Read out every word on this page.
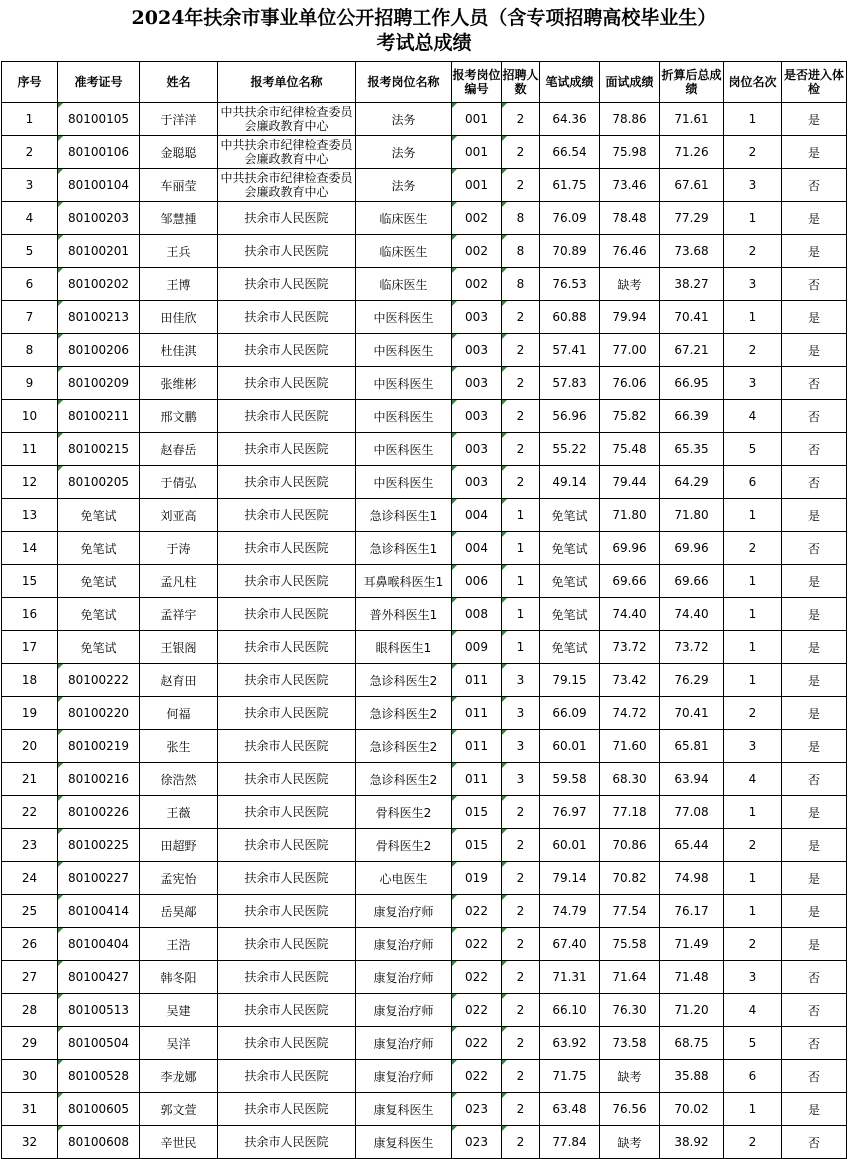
2024年扶余市事业单位公开招聘工作人员（含专项招聘高校毕业生）
考试总成绩
序号	准考证号	姓名	报考单位名称	报考岗位名称	报考岗位编号	招聘人数	笔试成绩	面试成绩	折算后总成绩	岗位名次	是否进入体检
1	80100105	于洋洋	中共扶余市纪律检查委员会廉政教育中心	法务	001	2	64.36	78.86	71.61	1	是
2	80100106	金聪聪	中共扶余市纪律检查委员会廉政教育中心	法务	001	2	66.54	75.98	71.26	2	是
3	80100104	车丽莹	中共扶余市纪律检查委员会廉政教育中心	法务	001	2	61.75	73.46	67.61	3	否
4	80100203	邹慧揰	扶余市人民医院	临床医生	002	8	76.09	78.48	77.29	1	是
5	80100201	王兵	扶余市人民医院	临床医生	002	8	70.89	76.46	73.68	2	是
6	80100202	王博	扶余市人民医院	临床医生	002	8	76.53	缺考	38.27	3	否
7	80100213	田佳欣	扶余市人民医院	中医科医生	003	2	60.88	79.94	70.41	1	是
8	80100206	杜佳淇	扶余市人民医院	中医科医生	003	2	57.41	77.00	67.21	2	是
9	80100209	张维彬	扶余市人民医院	中医科医生	003	2	57.83	76.06	66.95	3	否
10	80100211	邢文鹏	扶余市人民医院	中医科医生	003	2	56.96	75.82	66.39	4	否
11	80100215	赵春岳	扶余市人民医院	中医科医生	003	2	55.22	75.48	65.35	5	否
12	80100205	于倩弘	扶余市人民医院	中医科医生	003	2	49.14	79.44	64.29	6	否
13	免笔试	刘亚高	扶余市人民医院	急诊科医生1	004	1	免笔试	71.80	71.80	1	是
14	免笔试	于涛	扶余市人民医院	急诊科医生1	004	1	免笔试	69.96	69.96	2	否
15	免笔试	孟凡柱	扶余市人民医院	耳鼻喉科医生1	006	1	免笔试	69.66	69.66	1	是
16	免笔试	孟祥宇	扶余市人民医院	普外科医生1	008	1	免笔试	74.40	74.40	1	是
17	免笔试	王银阁	扶余市人民医院	眼科医生1	009	1	免笔试	73.72	73.72	1	是
18	80100222	赵育田	扶余市人民医院	急诊科医生2	011	3	79.15	73.42	76.29	1	是
19	80100220	何福	扶余市人民医院	急诊科医生2	011	3	66.09	74.72	70.41	2	是
20	80100219	张生	扶余市人民医院	急诊科医生2	011	3	60.01	71.60	65.81	3	是
21	80100216	徐浩然	扶余市人民医院	急诊科医生2	011	3	59.58	68.30	63.94	4	否
22	80100226	王薇	扶余市人民医院	骨科医生2	015	2	76.97	77.18	77.08	1	是
23	80100225	田超野	扶余市人民医院	骨科医生2	015	2	60.01	70.86	65.44	2	是
24	80100227	孟宪怡	扶余市人民医院	心电医生	019	2	79.14	70.82	74.98	1	是
25	80100414	岳昊鄗	扶余市人民医院	康复治疗师	022	2	74.79	77.54	76.17	1	是
26	80100404	王浩	扶余市人民医院	康复治疗师	022	2	67.40	75.58	71.49	2	是
27	80100427	韩冬阳	扶余市人民医院	康复治疗师	022	2	71.31	71.64	71.48	3	否
28	80100513	吴建	扶余市人民医院	康复治疗师	022	2	66.10	76.30	71.20	4	否
29	80100504	吴洋	扶余市人民医院	康复治疗师	022	2	63.92	73.58	68.75	5	否
30	80100528	李龙娜	扶余市人民医院	康复治疗师	022	2	71.75	缺考	35.88	6	否
31	80100605	郭文萱	扶余市人民医院	康复科医生	023	2	63.48	76.56	70.02	1	是
32	80100608	辛世民	扶余市人民医院	康复科医生	023	2	77.84	缺考	38.92	2	否
